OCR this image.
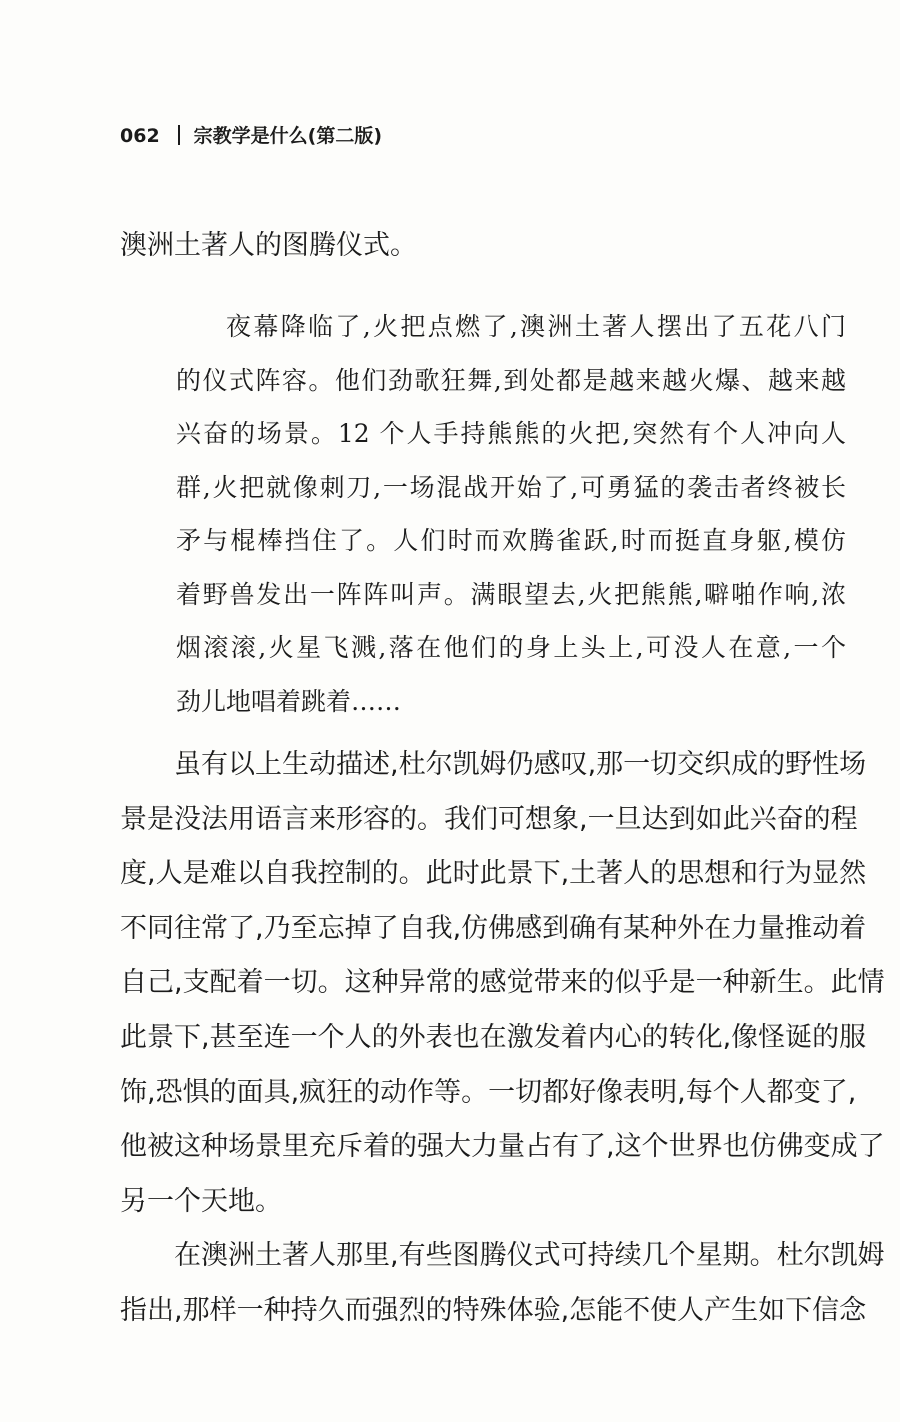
062 宗教学是什么(第二版)
澳洲土著人的图腾仪式。
夜幕降临了,火把点燃了,澳洲土著人摆出了五花八门
的仪式阵容。他们劲歌狂舞,到处都是越来越火爆、越来越
兴奋的场景。12 个人手持熊熊的火把,突然有个人冲向人
群,火把就像刺刀,一场混战开始了,可勇猛的袭击者终被长
矛与棍棒挡住了。人们时而欢腾雀跃,时而挺直身躯,模仿
着野兽发出一阵阵叫声。满眼望去,火把熊熊,噼啪作响,浓
烟滚滚,火星飞溅,落在他们的身上头上,可没人在意,一个
劲儿地唱着跳着……
虽有以上生动描述,杜尔凯姆仍感叹,那一切交织成的野性场
景是没法用语言来形容的。我们可想象,一旦达到如此兴奋的程
度,人是难以自我控制的。此时此景下,土著人的思想和行为显然
不同往常了,乃至忘掉了自我,仿佛感到确有某种外在力量推动着
自己,支配着一切。这种异常的感觉带来的似乎是一种新生。此情
此景下,甚至连一个人的外表也在激发着内心的转化,像怪诞的服
饰,恐惧的面具,疯狂的动作等。一切都好像表明,每个人都变了,
他被这种场景里充斥着的强大力量占有了,这个世界也仿佛变成了
另一个天地。
在澳洲土著人那里,有些图腾仪式可持续几个星期。杜尔凯姆
指出,那样一种持久而强烈的特殊体验,怎能不使人产生如下信念
